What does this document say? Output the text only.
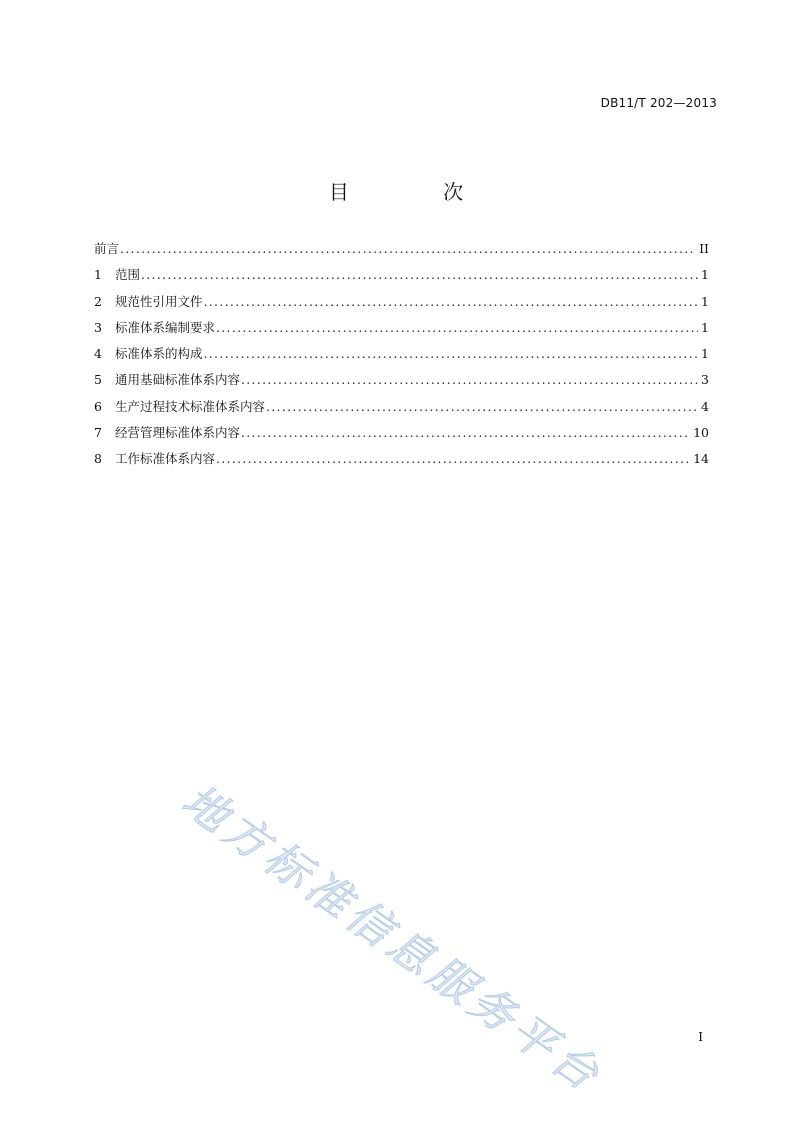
DB11/T 202—2013
目 次
前言 .....	II
1	范围 .....	1
2	规范性引用文件 .....	1
3	标准体系编制要求 .....	1
4	标准体系的构成 .....	1
5	通用基础标准体系内容 .....	3
6	生产过程技术标准体系内容 .....	4
7	经营管理标准体系内容 .....	10
8	工作标准体系内容 .....	14
地方标准信息服务平台	I
